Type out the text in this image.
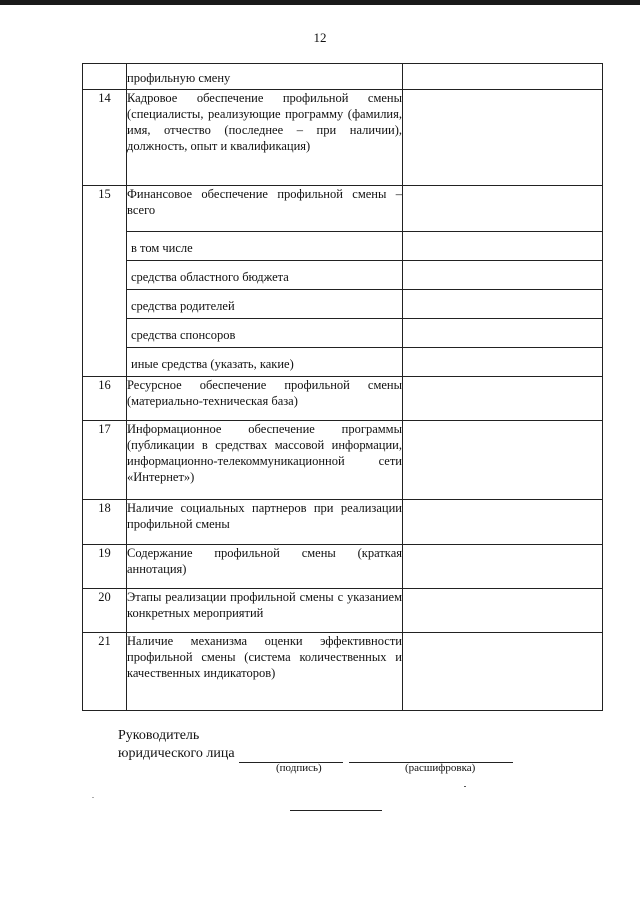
12
	профильную смену	
14	Кадровое обеспечение профильной смены (специалисты, реализующие программу (фамилия, имя, отчество (последнее – при наличии), должность, опыт и квалификация)	
15	Финансовое обеспечение профильной смены – всего	
	в том числе	
	средства областного бюджета	
	средства родителей	
	средства спонсоров	
	иные средства (указать, какие)	
16	Ресурсное обеспечение профильной смены (материально-техническая база)	
17	Информационное обеспечение программы (публикации в средствах массовой информации, информационно-телекоммуникационной сети «Интернет»)	
18	Наличие социальных партнеров при реализации профильной смены	
19	Содержание профильной смены (краткая аннотация)	
20	Этапы реализации профильной смены с указанием конкретных мероприятий	
21	Наличие механизма оценки эффективности профильной смены (система количественных и качественных индикаторов)	
Руководитель
юридического лица
(подпись)	(расшифровка)
